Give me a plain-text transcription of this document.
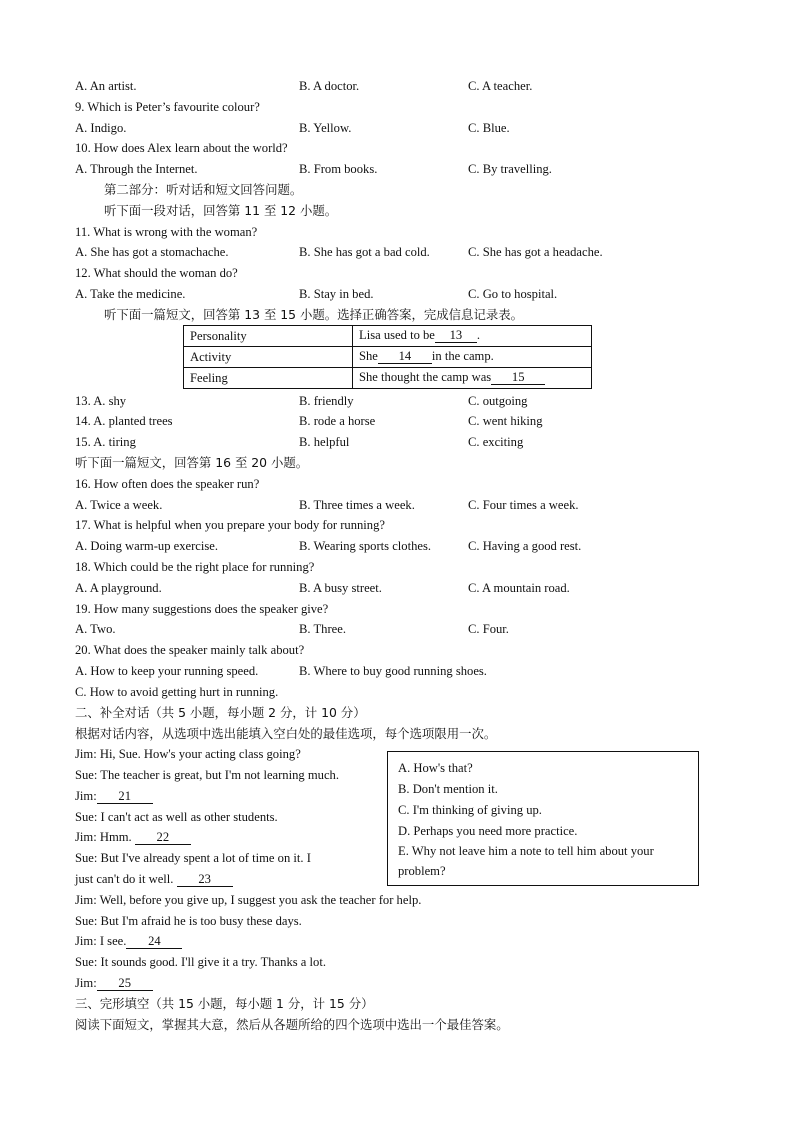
A. An artist.	B. A doctor.	C. A teacher.
9. Which is Peter’s favourite colour?
A. Indigo.	B. Yellow.	C. Blue.
10. How does Alex learn about the world?
A. Through the Internet.	B. From books.	C. By travelling.
第二部分：听对话和短文回答问题。
听下面一段对话，回答第 11 至 12 小题。
11. What is wrong with the woman?
A. She has got a stomachache.	B. She has got a bad cold.	C. She has got a headache.
12. What should the woman do?
A. Take the medicine.	B. Stay in bed.	C. Go to hospital.
听下面一篇短文，回答第 13 至 15 小题。选择正确答案，完成信息记录表。
Personality	Lisa used to be 13 .
Activity	She 14 in the camp.
Feeling	She thought the camp was 15
13. A. shy	B. friendly	C. outgoing
14. A. planted trees	B. rode a horse	C. went hiking
15. A. tiring	B. helpful	C. exciting
听下面一篇短文，回答第 16 至 20 小题。
16. How often does the speaker run?
A. Twice a week.	B. Three times a week.	C. Four times a week.
17. What is helpful when you prepare your body for running?
A. Doing warm-up exercise.	B. Wearing sports clothes.	C. Having a good rest.
18. Which could be the right place for running?
A. A playground.	B. A busy street.	C. A mountain road.
19. How many suggestions does the speaker give?
A. Two.	B. Three.	C. Four.
20. What does the speaker mainly talk about?
A. How to keep your running speed.	B. Where to buy good running shoes.
C. How to avoid getting hurt in running.
二、补全对话（共 5 小题，每小题 2 分，计 10 分）
根据对话内容，从选项中选出能填入空白处的最佳选项，每个选项限用一次。
Jim: Hi, Sue. How's your acting class going?
Sue: The teacher is great, but I'm not learning much.
Jim: 21
Sue: I can't act as well as other students.
Jim: Hmm. 22
Sue: But I've already spent a lot of time on it. I
just can't do it well. 23
Jim: Well, before you give up, I suggest you ask the teacher for help.
Sue: But I'm afraid he is too busy these days.
Jim: I see. 24
Sue: It sounds good. I'll give it a try. Thanks a lot.
Jim: 25
A. How's that?
B. Don't mention it.
C. I'm thinking of giving up.
D. Perhaps you need more practice.
E. Why not leave him a note to tell him about your problem?
三、完形填空（共 15 小题，每小题 1 分，计 15 分）
阅读下面短文，掌握其大意，然后从各题所给的四个选项中选出一个最佳答案。
